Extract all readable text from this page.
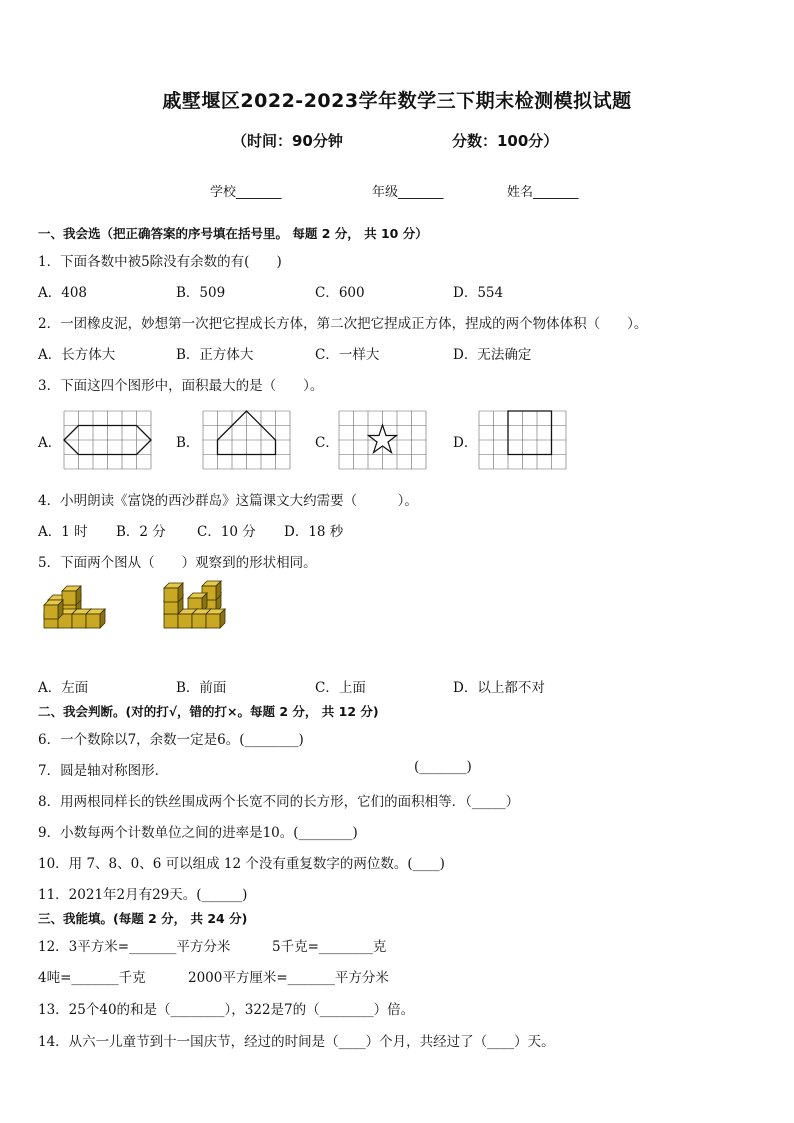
戚墅堰区2022-2023学年数学三下期末检测模拟试题
（时间：90分钟	分数：100分）
学校_______	年级_______	姓名_______
一、我会选（把正确答案的序号填在括号里。 每题 2 分， 共 10 分）
1．下面各数中被5除没有余数的有(　　)
A．408	B．509	C．600	D．554
2．一团橡皮泥，妙想第一次把它捏成长方体，第二次把它捏成正方体，捏成的两个物体体积（　　）。
A．长方体大	B．正方体大	C．一样大	D．无法确定
3．下面这四个图形中，面积最大的是（　　）。
A．	B．	C．	D．
4．小明朗读《富饶的西沙群岛》这篇课文大约需要（　　　）。
A．1 时 B．2 分 C．10 分 D．18 秒
5．下面两个图从（　　）观察到的形状相同。
A．左面	B．前面	C．上面	D．以上都不对
二、我会判断。(对的打√，错的打×。每题 2 分， 共 12 分)
6．一个数除以7，余数一定是6。(________)
7．圆是轴对称图形．	(_______)
8．用两根同样长的铁丝围成两个长宽不同的长方形，它们的面积相等．（_____）
9．小数每两个计数单位之间的进率是10。(________)
10．用 7、8、0、6 可以组成 12 个没有重复数字的两位数。(____)
11．2021年2月有29天。(______)
三、我能填。(每题 2 分， 共 24 分)
12．3平方米=_______平方分米	5千克=________克
4吨=_______千克	2000平方厘米=_______平方分米
13．25个40的和是（________），322是7的（________）倍。
14．从六一儿童节到十一国庆节，经过的时间是（____）个月，共经过了（____）天。
